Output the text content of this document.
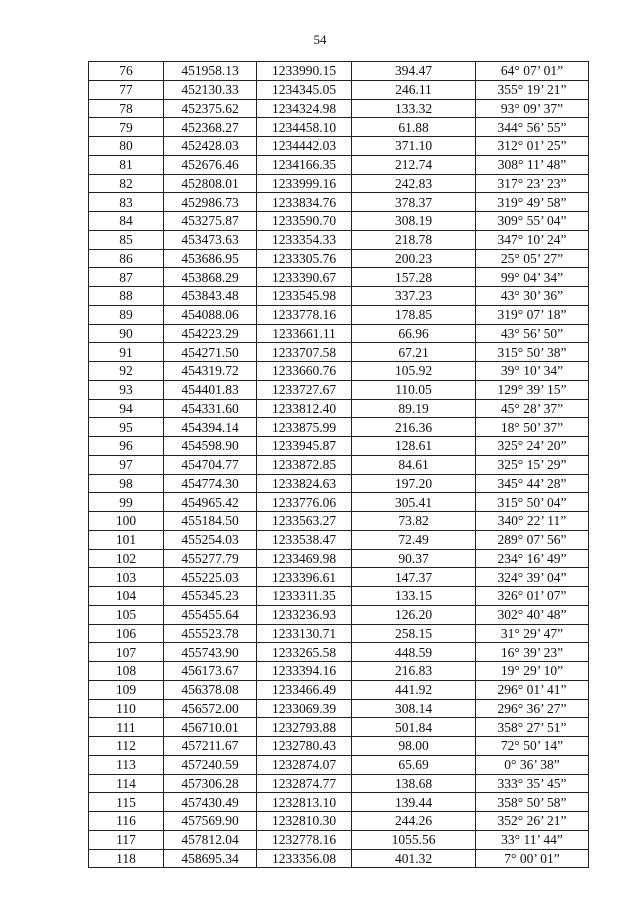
54
76	451958.13	1233990.15	394.47	64° 07’ 01”
77	452130.33	1234345.05	246.11	355° 19’ 21”
78	452375.62	1234324.98	133.32	93° 09’ 37”
79	452368.27	1234458.10	61.88	344° 56’ 55”
80	452428.03	1234442.03	371.10	312° 01’ 25”
81	452676.46	1234166.35	212.74	308° 11’ 48”
82	452808.01	1233999.16	242.83	317° 23’ 23”
83	452986.73	1233834.76	378.37	319° 49’ 58”
84	453275.87	1233590.70	308.19	309° 55’ 04”
85	453473.63	1233354.33	218.78	347° 10’ 24”
86	453686.95	1233305.76	200.23	25° 05’ 27”
87	453868.29	1233390.67	157.28	99° 04’ 34”
88	453843.48	1233545.98	337.23	43° 30’ 36”
89	454088.06	1233778.16	178.85	319° 07’ 18”
90	454223.29	1233661.11	66.96	43° 56’ 50”
91	454271.50	1233707.58	67.21	315° 50’ 38”
92	454319.72	1233660.76	105.92	39° 10’ 34”
93	454401.83	1233727.67	110.05	129° 39’ 15”
94	454331.60	1233812.40	89.19	45° 28’ 37”
95	454394.14	1233875.99	216.36	18° 50’ 37”
96	454598.90	1233945.87	128.61	325° 24’ 20”
97	454704.77	1233872.85	84.61	325° 15’ 29”
98	454774.30	1233824.63	197.20	345° 44’ 28”
99	454965.42	1233776.06	305.41	315° 50’ 04”
100	455184.50	1233563.27	73.82	340° 22’ 11”
101	455254.03	1233538.47	72.49	289° 07’ 56”
102	455277.79	1233469.98	90.37	234° 16’ 49”
103	455225.03	1233396.61	147.37	324° 39’ 04”
104	455345.23	1233311.35	133.15	326° 01’ 07”
105	455455.64	1233236.93	126.20	302° 40’ 48”
106	455523.78	1233130.71	258.15	31° 29’ 47”
107	455743.90	1233265.58	448.59	16° 39’ 23”
108	456173.67	1233394.16	216.83	19° 29’ 10”
109	456378.08	1233466.49	441.92	296° 01’ 41”
110	456572.00	1233069.39	308.14	296° 36’ 27”
111	456710.01	1232793.88	501.84	358° 27’ 51”
112	457211.67	1232780.43	98.00	72° 50’ 14”
113	457240.59	1232874.07	65.69	0° 36’ 38”
114	457306.28	1232874.77	138.68	333° 35’ 45”
115	457430.49	1232813.10	139.44	358° 50’ 58”
116	457569.90	1232810.30	244.26	352° 26’ 21”
117	457812.04	1232778.16	1055.56	33° 11’ 44”
118	458695.34	1233356.08	401.32	7° 00’ 01”
